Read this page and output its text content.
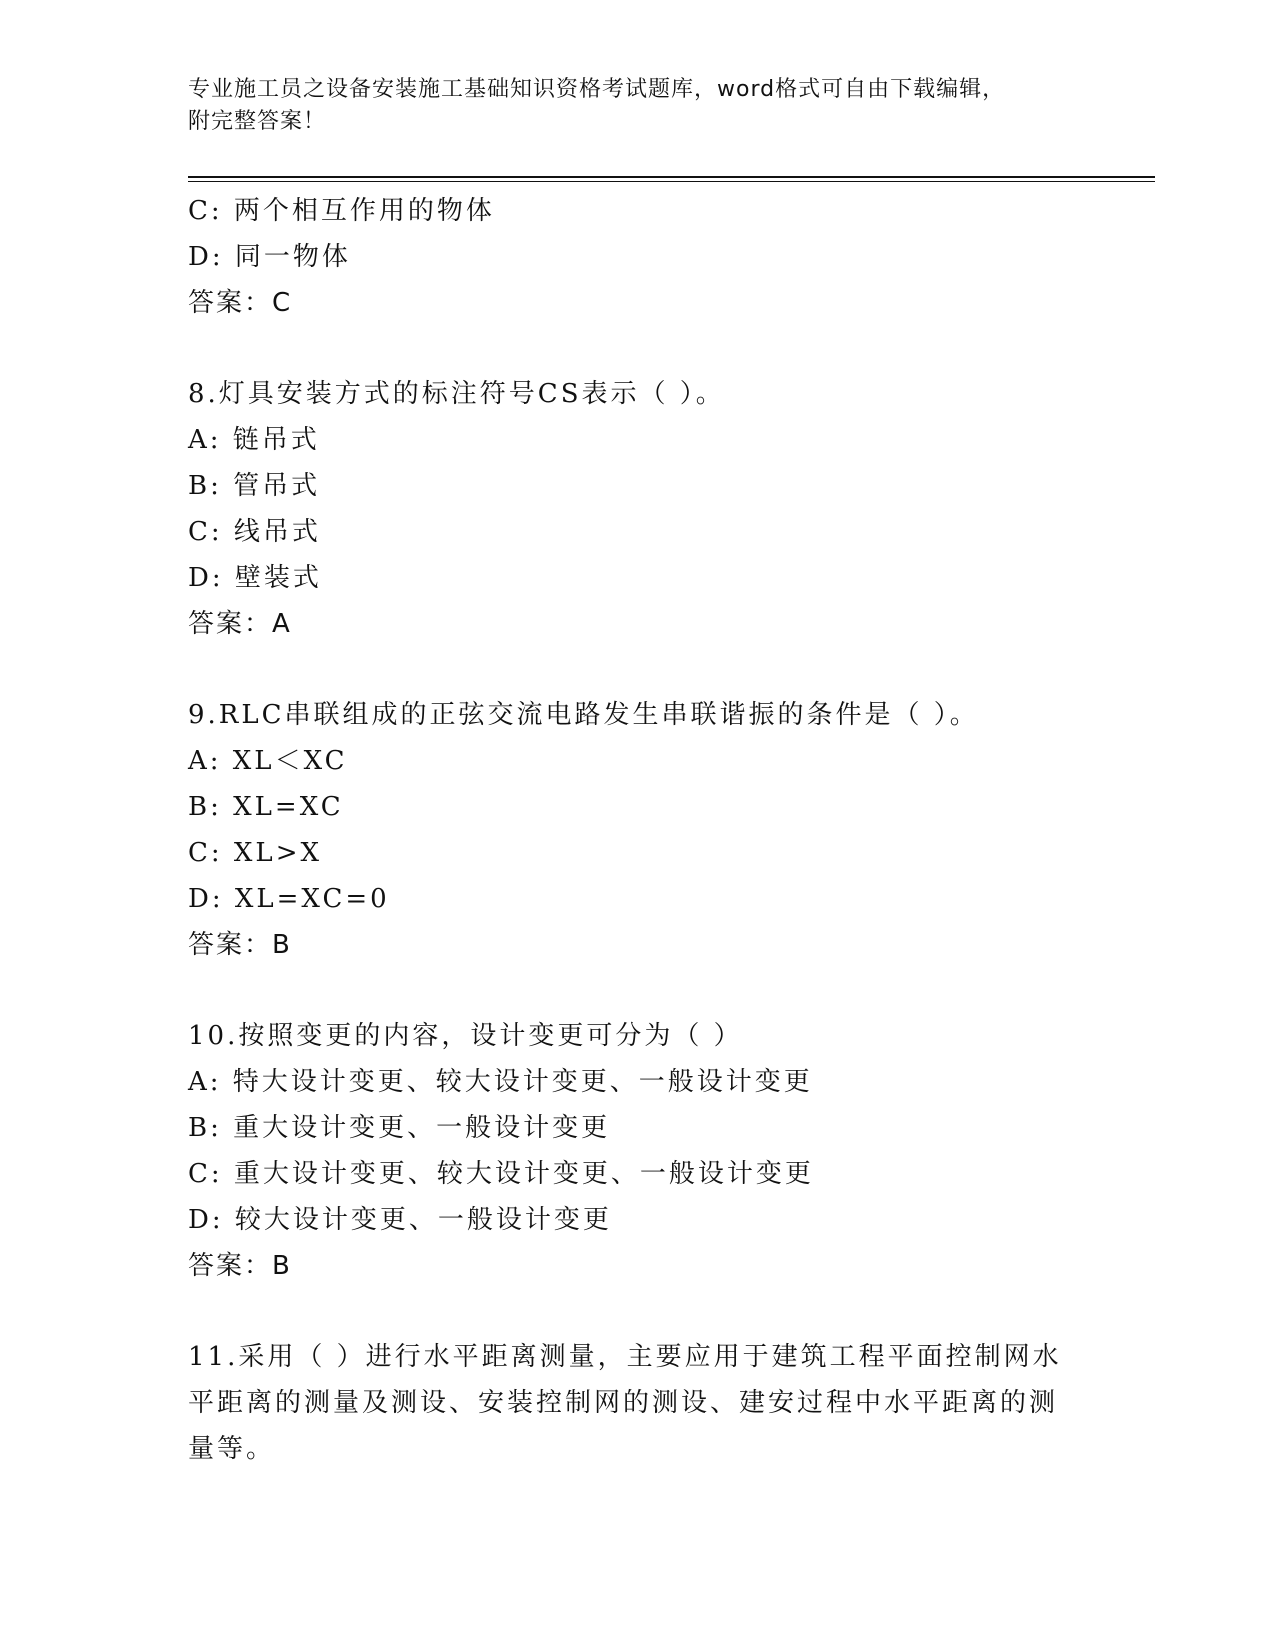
专业施工员之设备安装施工基础知识资格考试题库，word格式可自由下载编辑，
附完整答案！
C: 两个相互作用的物体
D: 同一物体
答案：C
8.灯具安装方式的标注符号CS表示（ ）。
A: 链吊式
B: 管吊式
C: 线吊式
D: 壁装式
答案：A
9.RLC串联组成的正弦交流电路发生串联谐振的条件是（ ）。
A: XL＜XC
B: XL=XC
C: XL>X
D: XL=XC=0
答案：B
10.按照变更的内容，设计变更可分为（ ）
A: 特大设计变更、较大设计变更、一般设计变更
B: 重大设计变更、一般设计变更
C: 重大设计变更、较大设计变更、一般设计变更
D: 较大设计变更、一般设计变更
答案：B
11.采用（ ）进行水平距离测量，主要应用于建筑工程平面控制网水平距离的测量及测设、安装控制网的测设、建安过程中水平距离的测量等。
